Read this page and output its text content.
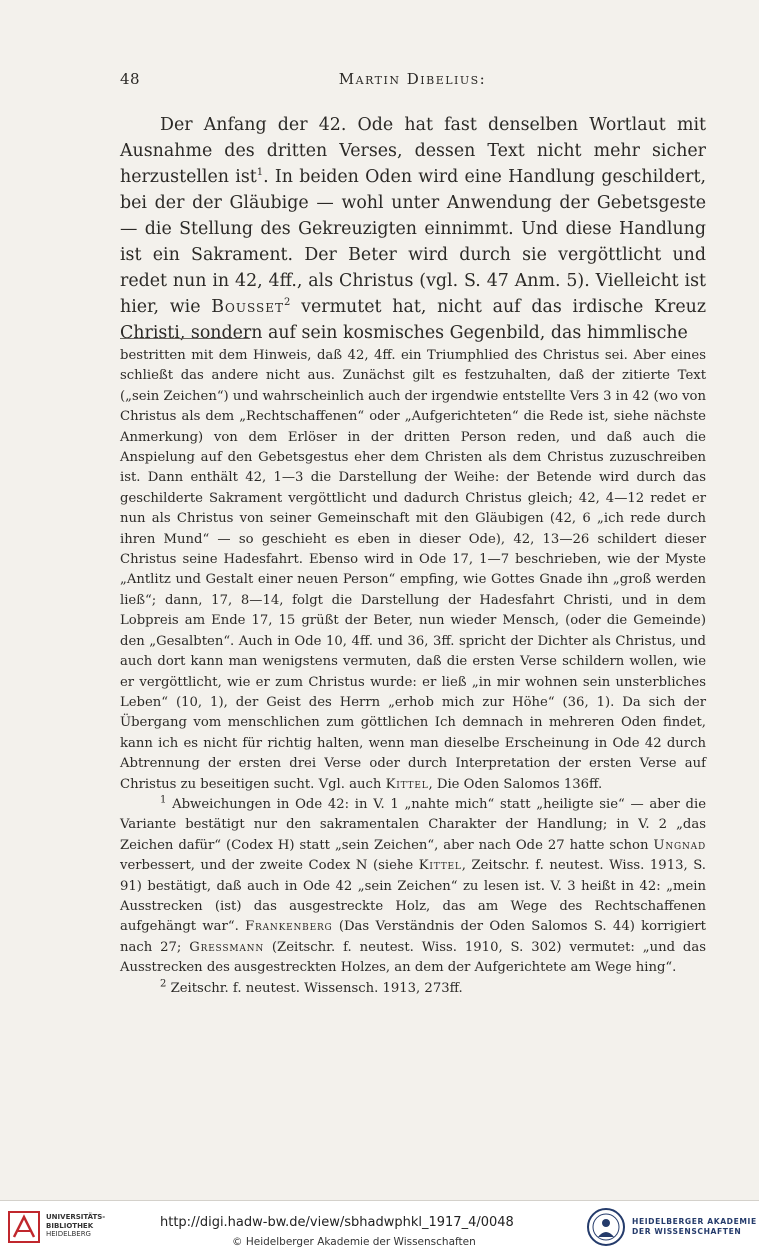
48	Martin Dibelius:

Der Anfang der 42. Ode hat fast denselben Wortlaut mit Ausnahme des dritten Verses, dessen Text nicht mehr sicher herzustellen ist$^1$. In beiden Oden wird eine Handlung geschildert, bei der der Gläubige — wohl unter Anwendung der Gebetsgeste — die Stellung des Gekreuzigten einnimmt. Und diese Handlung ist ein Sakrament. Der Beter wird durch sie vergöttlicht und redet nun in 42, 4ff., als Christus (vgl. S. 47 Anm. 5). Vielleicht ist hier, wie Bousset$^2$ vermutet hat, nicht auf das irdische Kreuz Christi, sondern auf sein kosmisches Gegenbild, das himmlische

bestritten mit dem Hinweis, daß 42, 4ff. ein Triumphlied des Christus sei. Aber eines schließt das andere nicht aus. Zunächst gilt es festzuhalten, daß der zitierte Text („sein Zeichen“) und wahrscheinlich auch der irgendwie entstellte Vers 3 in 42 (wo von Christus als dem „Rechtschaffenen“ oder „Aufgerichteten“ die Rede ist, siehe nächste Anmerkung) von dem Erlöser in der dritten Person reden, und daß auch die Anspielung auf den Gebetsgestus eher dem Christen als dem Christus zuzuschreiben ist. Dann enthält 42, 1—3 die Darstellung der Weihe: der Betende wird durch das geschilderte Sakrament vergöttlicht und dadurch Christus gleich; 42, 4—12 redet er nun als Christus von seiner Gemeinschaft mit den Gläubigen (42, 6 „ich rede durch ihren Mund“ — so geschieht es eben in dieser Ode), 42, 13—26 schildert dieser Christus seine Hadesfahrt. Ebenso wird in Ode 17, 1—7 beschrieben, wie der Myste „Antlitz und Gestalt einer neuen Person“ empfing, wie Gottes Gnade ihn „groß werden ließ“; dann, 17, 8—14, folgt die Darstellung der Hadesfahrt Christi, und in dem Lobpreis am Ende 17, 15 grüßt der Beter, nun wieder Mensch, (oder die Gemeinde) den „Gesalbten“. Auch in Ode 10, 4ff. und 36, 3ff. spricht der Dichter als Christus, und auch dort kann man wenigstens vermuten, daß die ersten Verse schildern wollen, wie er vergöttlicht, wie er zum Christus wurde: er ließ „in mir wohnen sein unsterbliches Leben“ (10, 1), der Geist des Herrn „erhob mich zur Höhe“ (36, 1). Da sich der Übergang vom menschlichen zum göttlichen Ich demnach in mehreren Oden findet, kann ich es nicht für richtig halten, wenn man dieselbe Erscheinung in Ode 42 durch Abtrennung der ersten drei Verse oder durch Interpretation der ersten Verse auf Christus zu beseitigen sucht. Vgl. auch Kittel, Die Oden Salomos 136ff.

$^1$ Abweichungen in Ode 42: in V. 1 „nahte mich“ statt „heiligte sie“ — aber die Variante bestätigt nur den sakramentalen Charakter der Handlung; in V. 2 „das Zeichen dafür“ (Codex H) statt „sein Zeichen“, aber nach Ode 27 hatte schon Ungnad verbessert, und der zweite Codex N (siehe Kittel, Zeitschr. f. neutest. Wiss. 1913, S. 91) bestätigt, daß auch in Ode 42 „sein Zeichen“ zu lesen ist. V. 3 heißt in 42: „mein Ausstrecken (ist) das ausgestreckte Holz, das am Wege des Rechtschaffenen aufgehängt war“. Frankenberg (Das Verständnis der Oden Salomos S. 44) korrigiert nach 27; Gressmann (Zeitschr. f. neutest. Wiss. 1910, S. 302) vermutet: „und das Ausstrecken des ausgestreckten Holzes, an dem der Aufgerichtete am Wege hing“.

$^2$ Zeitschr. f. neutest. Wissensch. 1913, 273ff.

UNIVERSITÄTS-
BIBLIOTHEK
HEIDELBERG
http://digi.hadw-bw.de/view/sbhadwphkl_1917_4/0048
© Heidelberger Akademie der Wissenschaften
HEIDELBERGER AKADEMIE
DER WISSENSCHAFTEN
